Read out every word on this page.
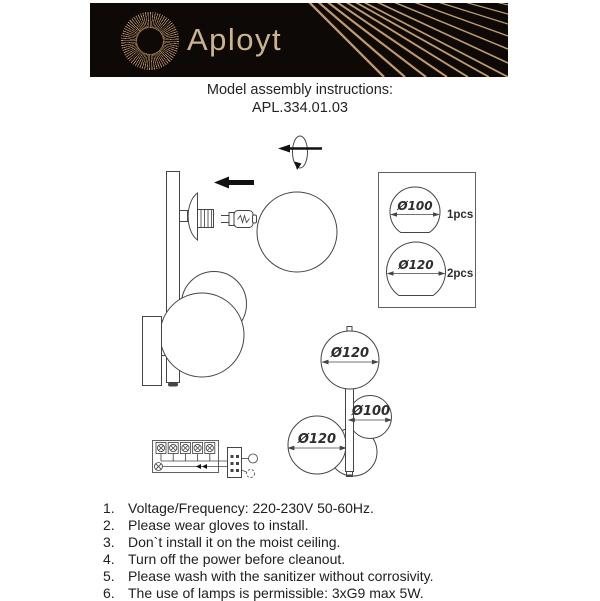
Aployt
Model assembly instructions:
APL.334.01.03
Ø100
1pcs
Ø120
2pcs
Ø120
Ø100
Ø120
1. Voltage/Frequency: 220-230V 50-60Hz.
2. Please wear gloves to install.
3. Don`t install it on the moist ceiling.
4. Turn off the power before cleanout.
5. Please wash with the sanitizer without corrosivity.
6. The use of lamps is permissible: 3xG9 max 5W.
